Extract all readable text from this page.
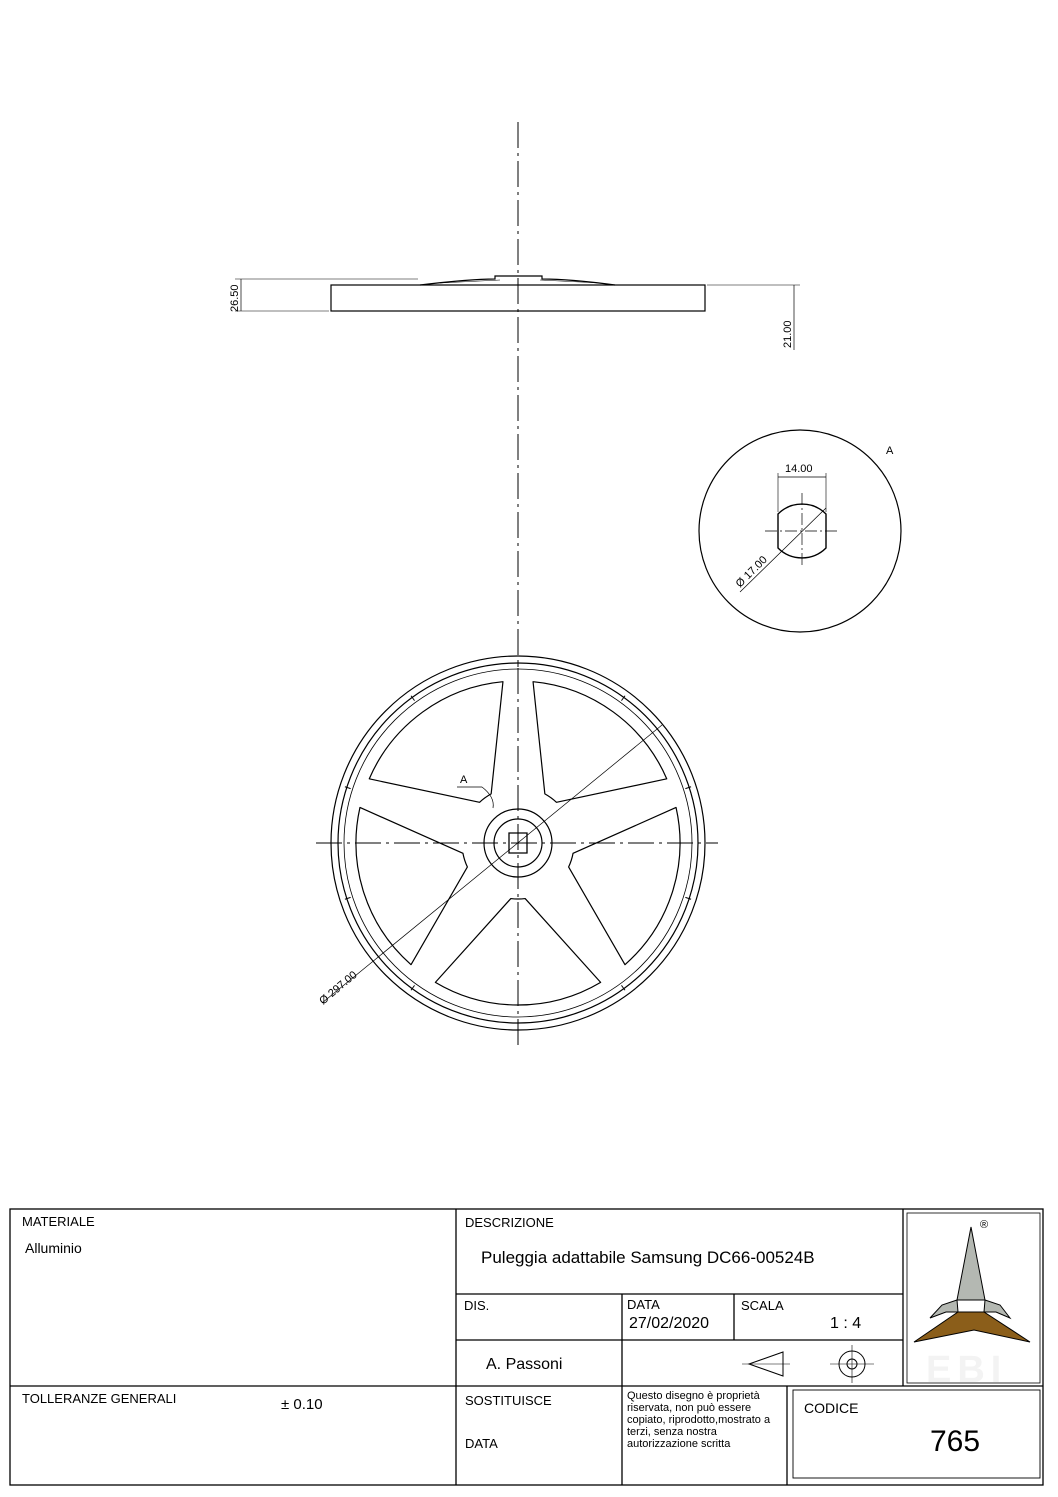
26.50
21.00
14.00
Ø 17.00
A
Ø 297.00
A
EBI
®
MATERIALE
Alluminio
TOLLERANZE GENERALI	± 0.10
DESCRIZIONE
Puleggia adattabile Samsung DC66-00524B
DIS.
A. Passoni
DATA
27/02/2020
SCALA
1 : 4
SOSTITUISCE
DATA
Questo disegno è proprietà riservata, non può essere copiato, riprodotto,mostrato a terzi, senza nostra autorizzazione scritta
CODICE
765
